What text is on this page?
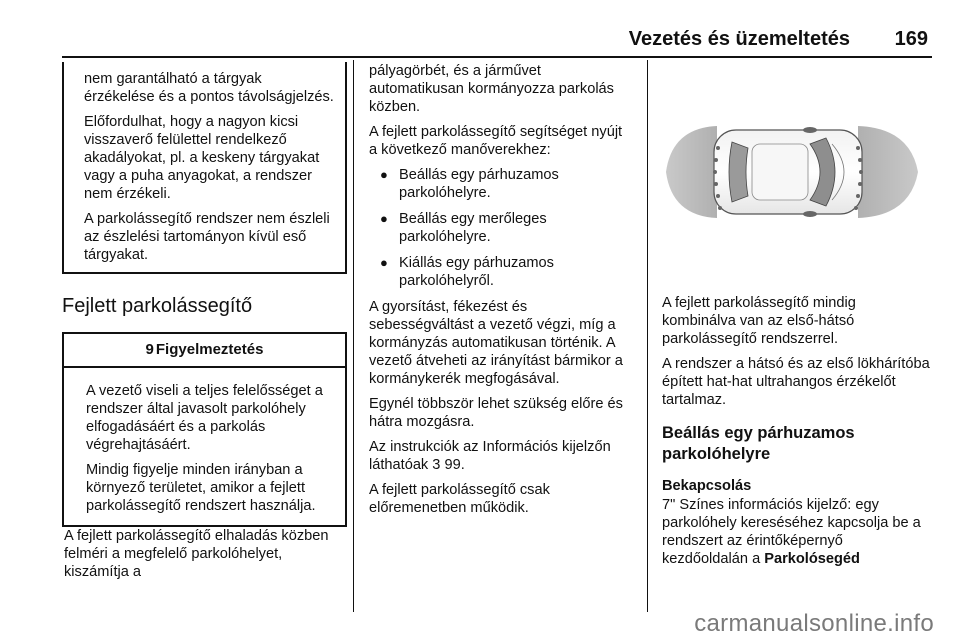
Vezetés és üzemeltetés 169

nem garantálható a tárgyak érzékelése és a pontos távolságjelzés.

Előfordulhat, hogy a nagyon kicsi visszaverő felülettel rendelkező akadályokat, pl. a keskeny tárgyakat vagy a puha anyagokat, a rendszer nem érzékeli.

A parkolássegítő rendszer nem észleli az észlelési tartományon kívül eső tárgyakat.

Fejlett parkolássegítő
9 Figyelmeztetés

A vezető viseli a teljes felelősséget a rendszer által javasolt parkolóhely elfogadásáért és a parkolás végrehajtásáért.

Mindig figyelje minden irányban a környező területet, amikor a fejlett parkolássegítő rendszert használja.

A fejlett parkolássegítő elhaladás közben felméri a megfelelő parkolóhelyet, kiszámítja a

pályagörbét, és a járművet automatikusan kormányozza parkolás közben.

A fejlett parkolássegítő segítséget nyújt a következő manőverekhez:

● Beállás egy párhuzamos parkolóhelyre.
● Beállás egy merőleges parkolóhelyre.
● Kiállás egy párhuzamos parkolóhelyről.

A gyorsítást, fékezést és sebességváltást a vezető végzi, míg a kormányzás automatikusan történik. A vezető átveheti az irányítást bármikor a kormánykerék megfogásával.

Egynél többször lehet szükség előre és hátra mozgásra.

Az instrukciók az Információs kijelzőn láthatóak 3 99.

A fejlett parkolássegítő csak előremenetben működik.

A fejlett parkolássegítő mindig kombinálva van az első-hátsó parkolássegítő rendszerrel.

A rendszer a hátsó és az első lökhárítóba épített hat-hat ultrahangos érzékelőt tartalmaz.

Beállás egy párhuzamos parkolóhelyre
Bekapcsolás

7" Színes információs kijelző: egy parkolóhely kereséséhez kapcsolja be a rendszert az érintőképernyő kezdőoldalán a Parkolósegéd

carmanualsonline.info
